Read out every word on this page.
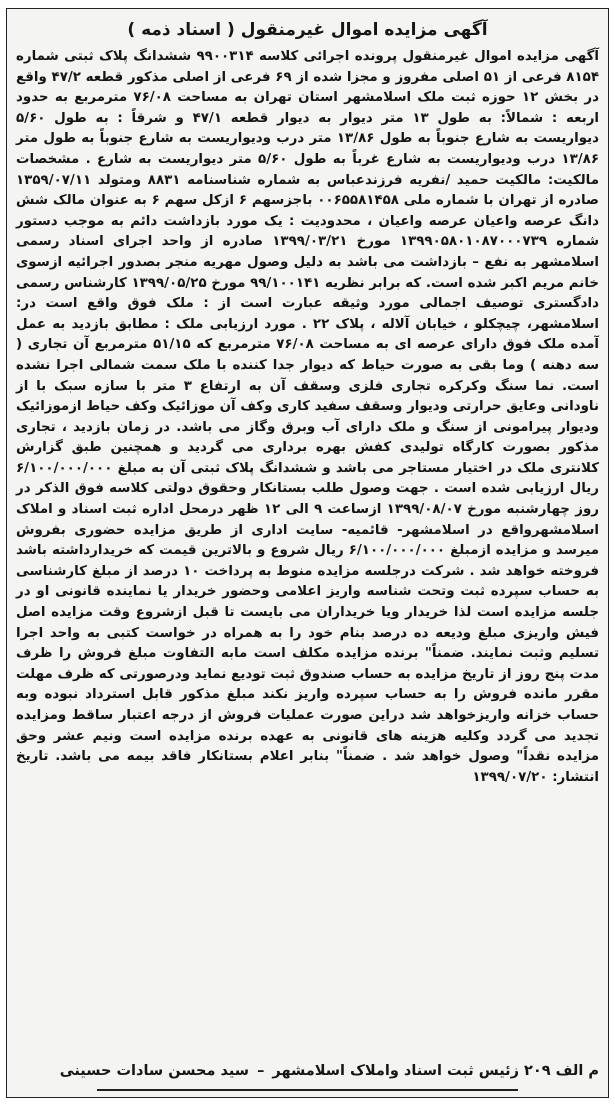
آگهی مزایده اموال غیرمنقول ( اسناد ذمه )

آگهی مزایده اموال غیرمنقول پرونده اجرائی کلاسه ۹۹۰۰۳۱۴ ششدانگ پلاک ثبتی شماره ۸۱۵۴ فرعی از ۵۱ اصلی مفروز و مجزا شده از ۶۹ فرعی از اصلی مذکور قطعه ۴۷/۲ واقع در بخش ۱۲ حوزه ثبت ملک اسلامشهر استان تهران به مساحت ۷۶/۰۸ مترمربع به حدود اربعه : شمالاً: به طول ۱۳ متر دیوار به دیوار قطعه ۴۷/۱ و شرقاً : به طول ۵/۶۰ دیواریست به شارع جنوباً به طول ۱۳/۸۶ متر درب ودیواریست به شارع جنوباً به طول متر ۱۳/۸۶ درب ودیواریست به شارع غرباً به طول ۵/۶۰ متر دیواریست به شارع . مشخصات مالکیت: مالکیت حمید /نفریه فرزندعباس به شماره شناسنامه ۸۸۳۱ ومتولد ۱۳۵۹/۰۷/۱۱ صادره از تهران با شماره ملی ۰۰۶۵۵۸۱۴۵۸ باجزسهم ۶ ازکل سهم ۶ به عنوان مالک شش دانگ عرصه واعیان عرصه واعیان ، محدودیت : یک مورد بازداشت دائم به موجب دستور شماره ۱۳۹۹۰۵۸۰۱۰۸۷۰۰۰۷۳۹ مورخ ۱۳۹۹/۰۳/۲۱ صادره از واحد اجرای اسناد رسمی اسلامشهر به نفع – بازداشت می باشد به دلیل وصول مهریه منجر بصدور اجرائیه ازسوی خانم مریم اکبر شده است. که برابر نظریه ۹۹/۱۰۰۱۴۱ مورخ ۱۳۹۹/۰۵/۲۵ کارشناس رسمی دادگستری توصیف اجمالی مورد وثیقه عبارت است از : ملک فوق واقع است در: اسلامشهر، چیچکلو ، خیابان آلاله ، پلاک ۲۲ . مورد ارزیابی ملک : مطابق بازدید به عمل آمده ملک فوق دارای عرصه ای به مساحت ۷۶/۰۸ مترمربع که ۵۱/۱۵ مترمربع آن تجاری ( سه دهنه ) وما بقی به صورت حیاط که دیوار جدا کننده با ملک سمت شمالی اجرا نشده است. نما سنگ وکرکره تجاری فلزی وسقف آن به ارتفاع ۳ متر با سازه سبک با از ناودانی وعایق حرارتی ودیوار وسقف سفید کاری وکف آن موزائیک وکف حیاط ازموزائیک ودیوار پیرامونی از سنگ و ملک دارای آب وبرق وگاز می باشد. در زمان بازدید ، تجاری مذکور بصورت کارگاه تولیدی کفش بهره برداری می گردید و همچنین طبق گزارش کلانتری ملک در اختیار مستاجر می باشد و ششدانگ پلاک ثبتی آن به مبلغ ۶/۱۰۰/۰۰۰/۰۰۰ ریال ارزیابی شده است . جهت وصول طلب بستانکار وحقوق دولتی کلاسه فوق الذکر در روز چهارشنبه مورخ ۱۳۹۹/۰۸/۰۷ ازساعت ۹ الی ۱۲ ظهر درمحل اداره ثبت اسناد و املاک اسلامشهرواقع در اسلامشهر- قائمیه- سایت اداری از طریق مزایده حضوری بفروش میرسد و مزایده ازمبلغ ۶/۱۰۰/۰۰۰/۰۰۰ ریال شروع و بالاترین قیمت که خریدارداشته باشد فروخته خواهد شد . شرکت درجلسه مزایده منوط به پرداخت ۱۰ درصد از مبلغ کارشناسی به حساب سپرده ثبت وتحت شناسه واریز اعلامی وحضور خریدار یا نماینده قانونی او در جلسه مزایده است لذا خریدار ویا خریداران می بایست تا قبل ازشروع وقت مزایده اصل فیش واریزی مبلغ ودیعه ده درصد بنام خود را به همراه در خواست کتبی به واحد اجرا تسلیم وثبت نمایند. ضمناً" برنده مزایده مکلف است مابه التفاوت مبلغ فروش را ظرف مدت پنج روز از تاریخ مزایده به حساب صندوق ثبت توديع نماید ودرصورتی که ظرف مهلت مقرر مانده فروش را به حساب سپرده واریز نکند مبلغ مذکور قابل استرداد نبوده وبه حساب خزانه واریزخواهد شد دراین صورت عملیات فروش از درجه اعتبار ساقط ومزایده تجدید می گردد وکلیه هزینه های قانونی به عهده برنده مزایده است ونیم عشر وحق مزایده نقداً" وصول خواهد شد . ضمناً" بنابر اعلام بستانکار فاقد بیمه می باشد. تاریخ انتشار: ۱۳۹۹/۰۷/۲۰

م الف ۲۰۹ زئیس ثبت اسناد واملاک اسلامشهر – سید محسن سادات حسینی
